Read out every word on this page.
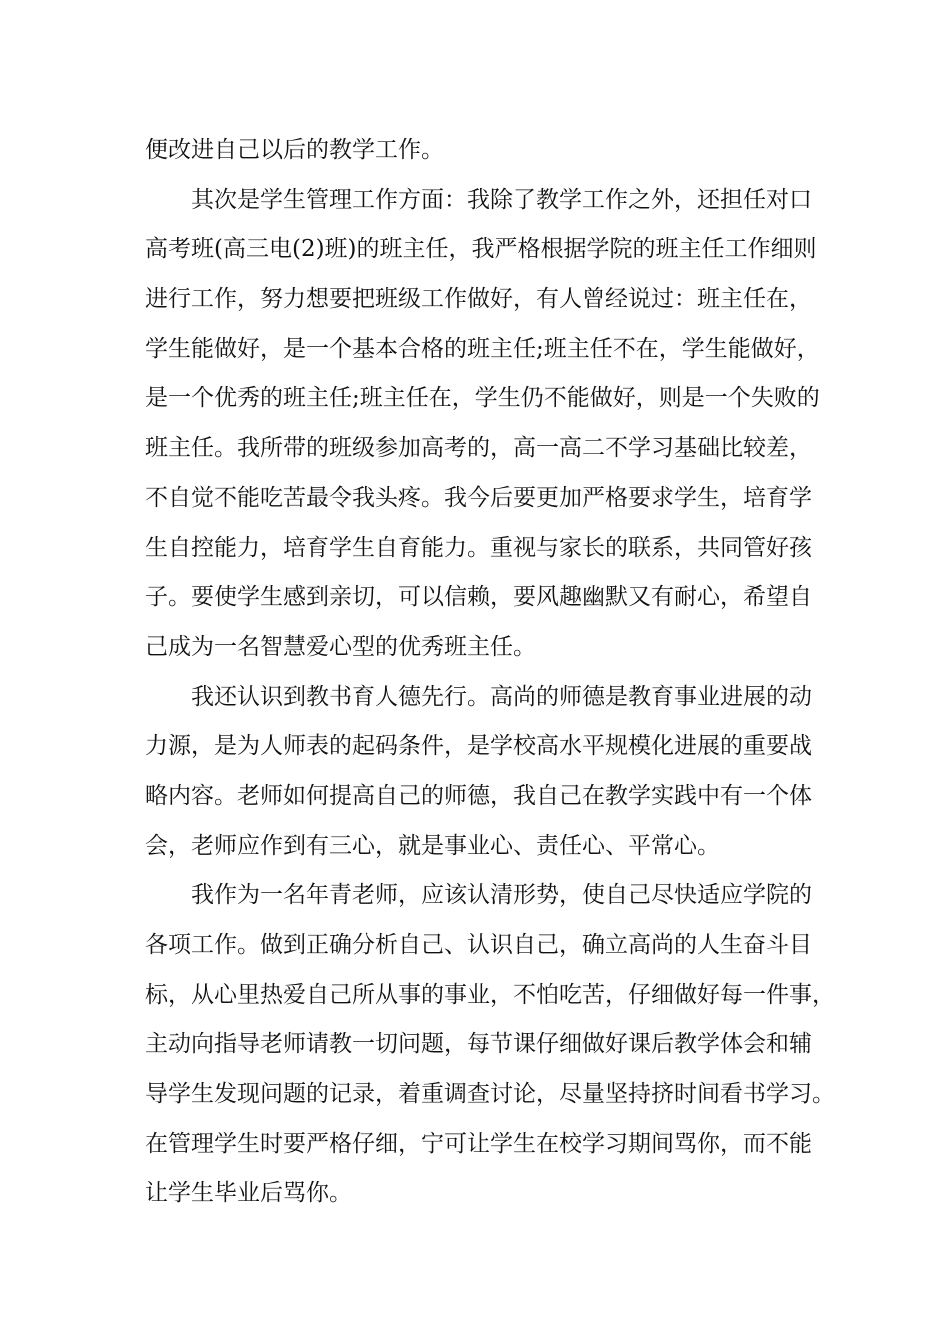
便改进自己以后的教学工作。
其次是学生管理工作方面：我除了教学工作之外，还担任对口
高考班(高三电(2)班)的班主任，我严格根据学院的班主任工作细则
进行工作，努力想要把班级工作做好，有人曾经说过：班主任在，
学生能做好，是一个基本合格的班主任;班主任不在，学生能做好，
是一个优秀的班主任;班主任在，学生仍不能做好，则是一个失败的
班主任。我所带的班级参加高考的，高一高二不学习基础比较差，
不自觉不能吃苦最令我头疼。我今后要更加严格要求学生，培育学
生自控能力，培育学生自育能力。重视与家长的联系，共同管好孩
子。要使学生感到亲切，可以信赖，要风趣幽默又有耐心，希望自
己成为一名智慧爱心型的优秀班主任。
我还认识到教书育人德先行。高尚的师德是教育事业进展的动
力源，是为人师表的起码条件，是学校高水平规模化进展的重要战
略内容。老师如何提高自己的师德，我自己在教学实践中有一个体
会，老师应作到有三心，就是事业心、责任心、平常心。
我作为一名年青老师，应该认清形势，使自己尽快适应学院的
各项工作。做到正确分析自己、认识自己，确立高尚的人生奋斗目
标，从心里热爱自己所从事的事业，不怕吃苦，仔细做好每一件事，
主动向指导老师请教一切问题，每节课仔细做好课后教学体会和辅
导学生发现问题的记录，着重调查讨论，尽量坚持挤时间看书学习。
在管理学生时要严格仔细，宁可让学生在校学习期间骂你，而不能
让学生毕业后骂你。
